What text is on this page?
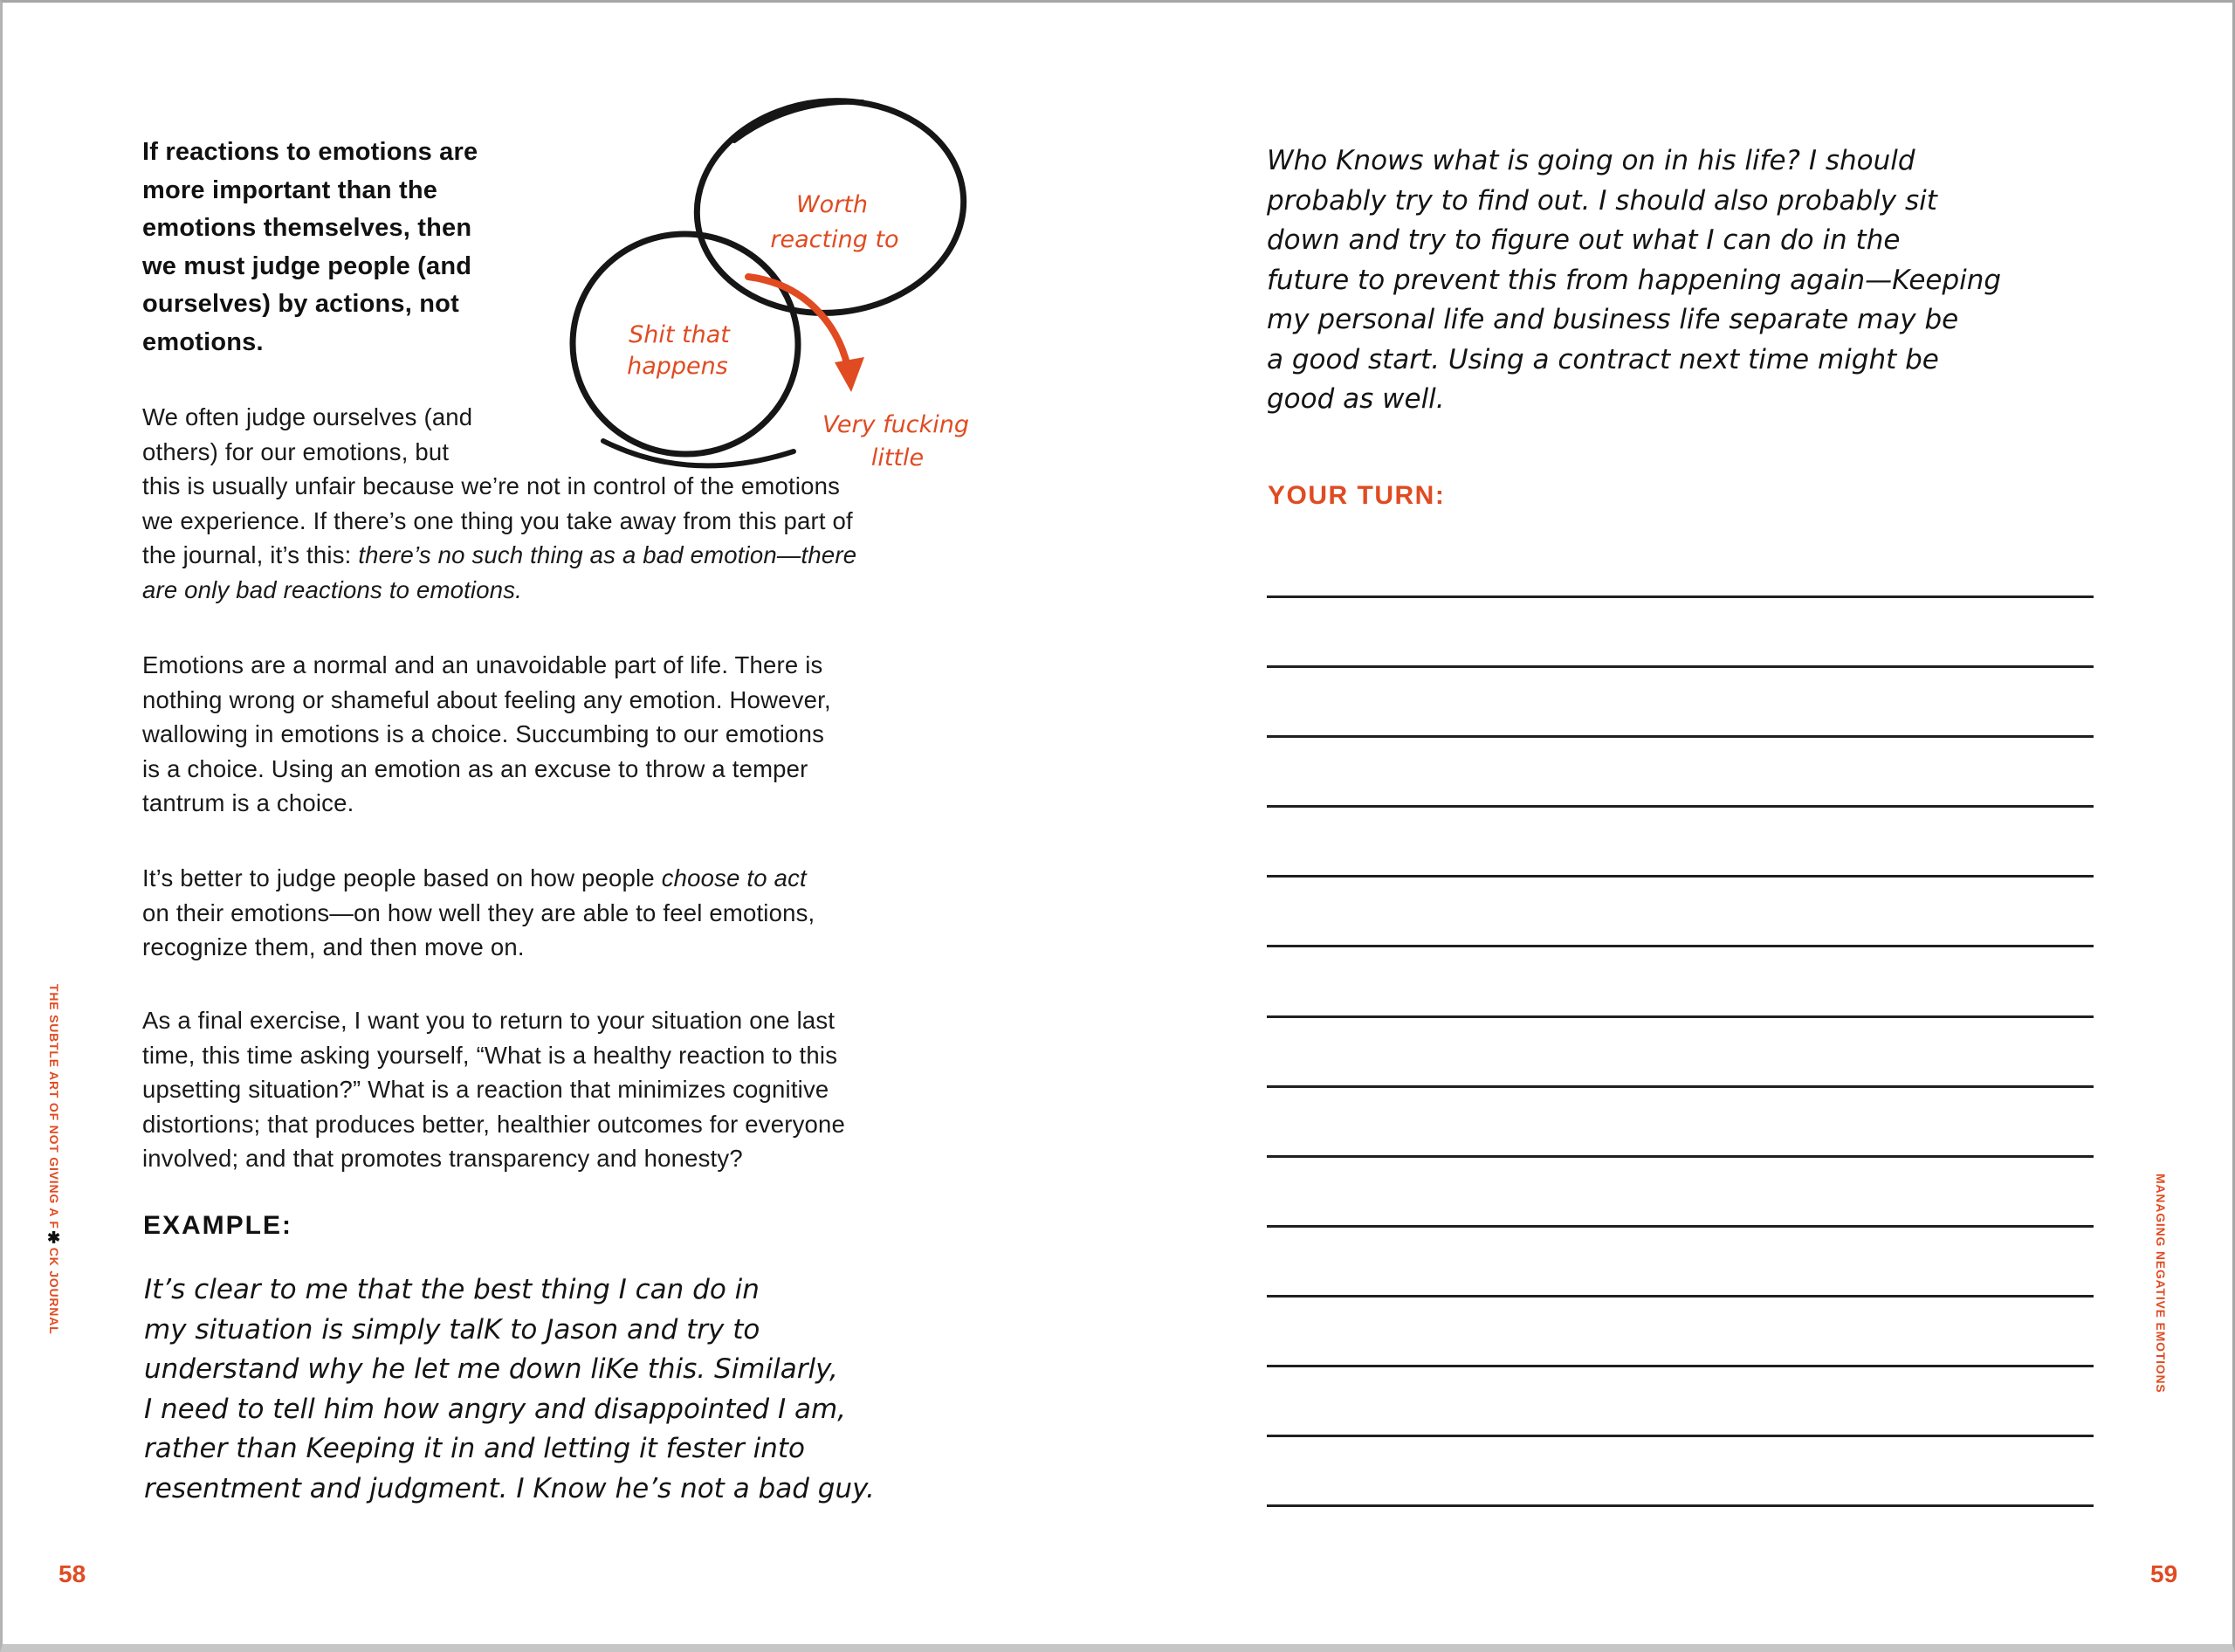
If reactions to emotions are
more important than the
emotions themselves, then
we must judge people (and
ourselves) by actions, not
emotions.
Worth
reacting to
Shit that
happens
Very fucking
little
We often judge ourselves (and
others) for our emotions, but
this is usually unfair because we’re not in control of the emotions
we experience. If there’s one thing you take away from this part of
the journal, it’s this: there’s no such thing as a bad emotion—there
are only bad reactions to emotions.
Emotions are a normal and an unavoidable part of life. There is
nothing wrong or shameful about feeling any emotion. However,
wallowing in emotions is a choice. Succumbing to our emotions
is a choice. Using an emotion as an excuse to throw a temper
tantrum is a choice.
It’s better to judge people based on how people choose to act
on their emotions—on how well they are able to feel emotions,
recognize them, and then move on.
As a final exercise, I want you to return to your situation one last
time, this time asking yourself, “What is a healthy reaction to this
upsetting situation?” What is a reaction that minimizes cognitive
distortions; that produces better, healthier outcomes for everyone
involved; and that promotes transparency and honesty?
EXAMPLE:
It’s clear to me that the best thing I can do in
my situation is simply talK to Jason and try to
understand why he let me down liKe this. Similarly,
I need to tell him how angry and disappointed I am,
rather than Keeping it in and letting it fester into
resentment and judgment. I Know he’s not a bad guy.
THE SUBTLE ART OF NOT GIVING A F✱CK JOURNAL
58
Who Knows what is going on in his life? I should
probably try to find out. I should also probably sit
down and try to figure out what I can do in the
future to prevent this from happening again—Keeping
my personal life and business life separate may be
a good start. Using a contract next time might be
good as well.
YOUR TURN:
MANAGING NEGATIVE EMOTIONS
59
